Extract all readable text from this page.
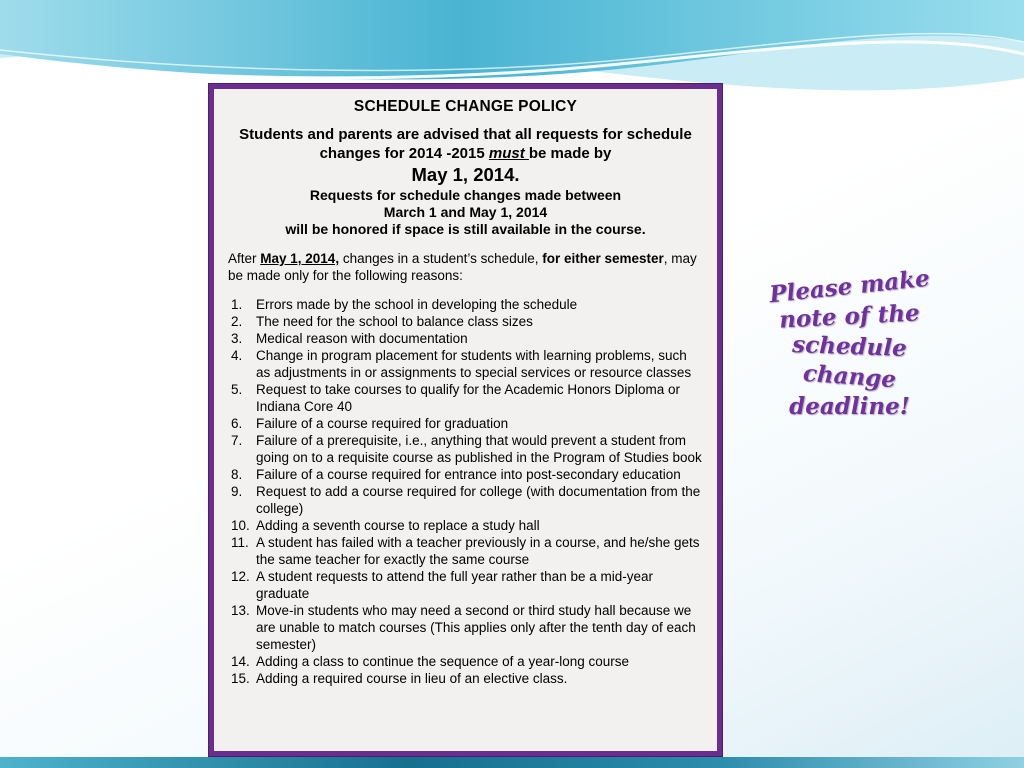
SCHEDULE CHANGE POLICY

Students and parents are advised that all requests for schedule changes for 2014 -2015 must be made by

May 1, 2014.

Requests for schedule changes made between
March 1 and May 1, 2014
will be honored if space is still available in the course.

After May 1, 2014, changes in a student’s schedule, for either semester, may be made only for the following reasons:

Errors made by the school in developing the schedule
The need for the school to balance class sizes
Medical reason with documentation
Change in program placement for students with learning problems, such as adjustments in or assignments to special services or resource classes
Request to take courses to qualify for the Academic Honors Diploma or Indiana Core 40
Failure of a course required for graduation
Failure of a prerequisite, i.e., anything that would prevent a student from going on to a requisite course as published in the Program of Studies book
Failure of a course required for entrance into post-secondary education
Request to add a course required for college (with documentation from the college)
Adding a seventh course to replace a study hall
A student has failed with a teacher previously in a course, and he/she gets the same teacher for exactly the same course
A student requests to attend the full year rather than be a mid-year graduate
Move-in students who may need a second or third study hall because we are unable to match courses (This applies only after the tenth day of each semester)
Adding a class to continue the sequence of a year-long course
Adding a required course in lieu of an elective class.
Please make
note of the
schedule
change
deadline!
